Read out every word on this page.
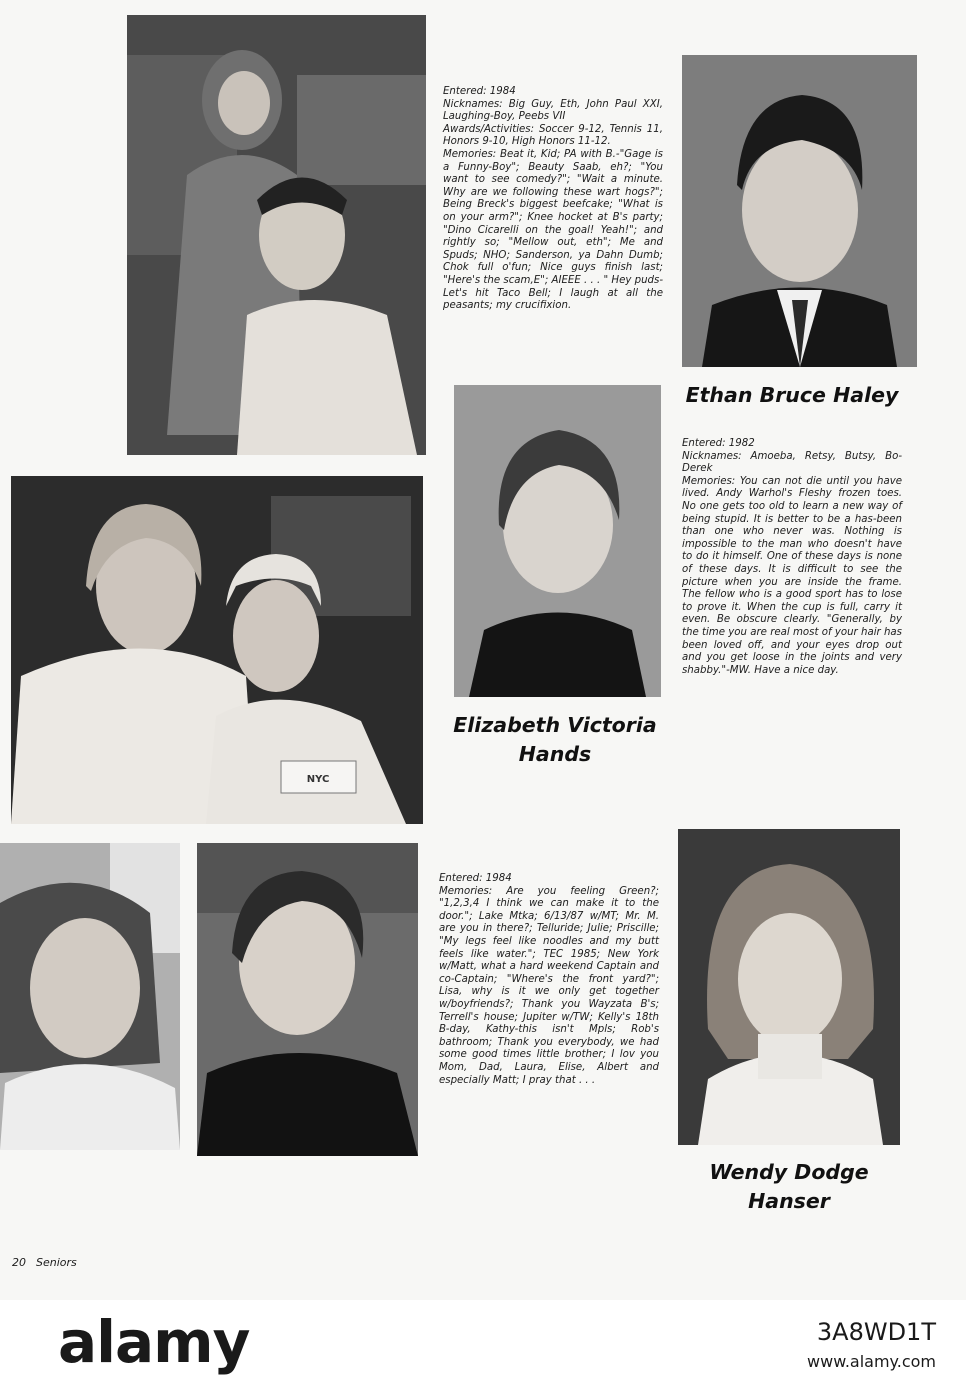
Entered: 1984

Nicknames: Big Guy, Eth, John Paul XXI, Laughing-Boy, Peebs VII

Awards/Activities: Soccer 9-12, Tennis 11, Honors 9-10, High Honors 11-12.

Memories: Beat it, Kid; PA with B.-"Gage is a Funny-Boy"; Beauty Saab, eh?; "You want to see comedy?"; "Wait a minute. Why are we following these wart hogs?"; Being Breck's biggest beefcake; "What is on your arm?"; Knee hocket at B's party; "Dino Cicarelli on the goal! Yeah!"; and rightly so; "Mellow out, eth"; Me and Spuds; NHO; Sanderson, ya Dahn Dumb; Chok full o'fun; Nice guys finish last; "Here's the scam,E"; AIEEE . . . " Hey puds-Let's hit Taco Bell; I laugh at all the peasants; my crucifixion.

Ethan Bruce Haley

Entered: 1982

Nicknames: Amoeba, Retsy, Butsy, Bo-Derek

Memories: You can not die until you have lived. Andy Warhol's Fleshy frozen toes. No one gets too old to learn a new way of being stupid. It is better to be a has-been than one who never was. Nothing is impossible to the man who doesn't have to do it himself. One of these days is none of these days. It is difficult to see the picture when you are inside the frame. The fellow who is a good sport has to lose to prove it. When the cup is full, carry it even. Be obscure clearly. "Generally, by the time you are real most of your hair has been loved off, and your eyes drop out and you get loose in the joints and very shabby."-MW. Have a nice day.

NYC
Elizabeth Victoria
Hands

Entered: 1984

Memories: Are you feeling Green?; "1,2,3,4 I think we can make it to the door."; Lake Mtka; 6/13/87 w/MT; Mr. M. are you in there?; Telluride; Julie; Priscille; "My legs feel like noodles and my butt feels like water."; TEC 1985; New York w/Matt, what a hard weekend Captain and co-Captain; "Where's the front yard?"; Lisa, why is it we only get together w/boyfriends?; Thank you Wayzata B's; Terrell's house; Jupiter w/TW; Kelly's 18th B-day, Kathy-this isn't Mpls; Rob's bathroom; Thank you everybody, we had some good times little brother; I lov you Mom, Dad, Laura, Elise, Albert and especially Matt; I pray that . . .

Wendy Dodge
Hanser
20 Seniors
alamy	3A8WD1T
www.alamy.com
